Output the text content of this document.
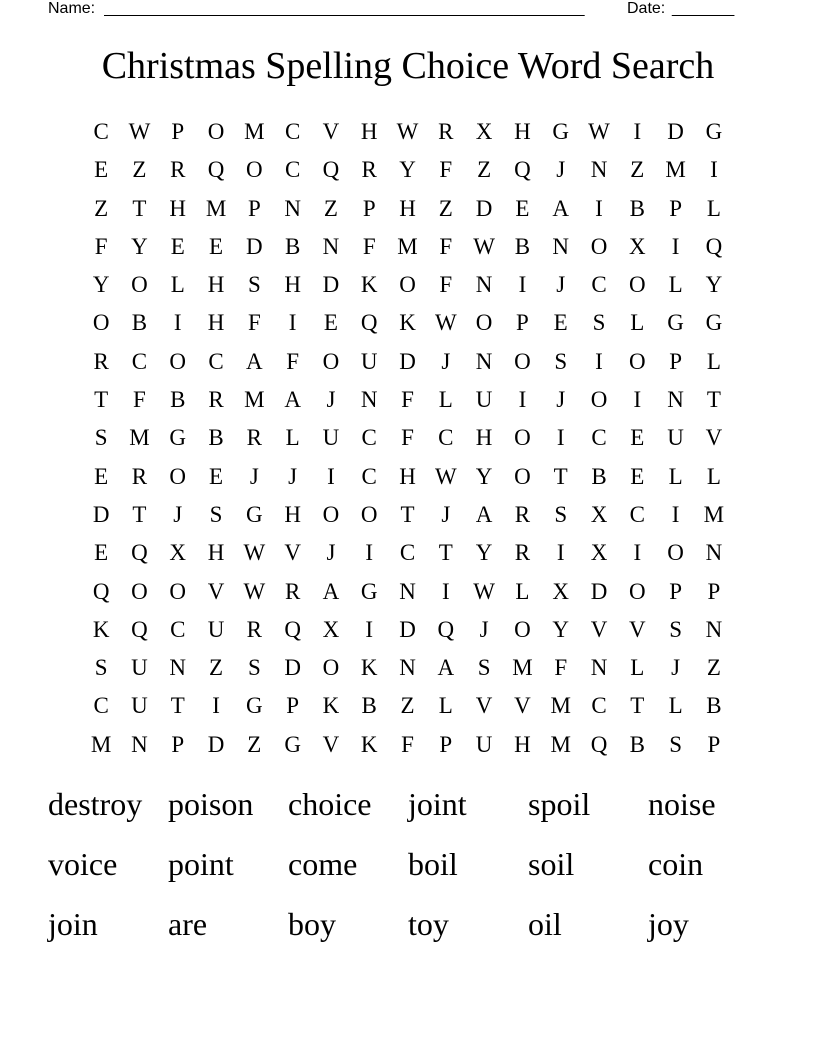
Name: ______________________________________________________	Date: _______
Christmas Spelling Choice Word Search
C W P	O M C V H W R X H G W	I	D G
E	Z	R Q O C Q R Y	F	Z Q	J	N Z M	I
Z	T H M P	N Z	P	H Z D E A	I	B	P	L
F	Y E	E D B N	F M F W B N O X	I	Q
Y O L H	S	H D K O	F	N	I	J	C O L Y
O B	I	H	F	I	E Q K W O	P	E	S	L G G
R C O C A	F	O U D	J	N O	S	I	O	P	L
T	F	B R M A	J	N	F	L U	I	J	O	I	N T
S M G B R	L U C	F	C H O	I	C	E U V
E	R O E	J	J	I	C H W Y O T	B	E	L	L
D T	J	S	G H O O T	J	A R	S	X C	I	M
E Q X H W V	J	I	C	T Y R	I	X	I	O N
Q O O V W R A G N	I	W L X D O	P	P
K Q C U R Q X	I	D Q	J	O Y V V	S	N
S	U N Z	S	D O K N A	S M F	N L	J	Z
C U T	I	G	P	K B	Z	L V V M C	T	L	B
M N	P	D Z G V K	F	P	U H M Q B	S	P
destroy poison	choice	joint	spoil	noise
voice	point	come	boil	soil	coin
join	are	boy	toy	oil	joy
